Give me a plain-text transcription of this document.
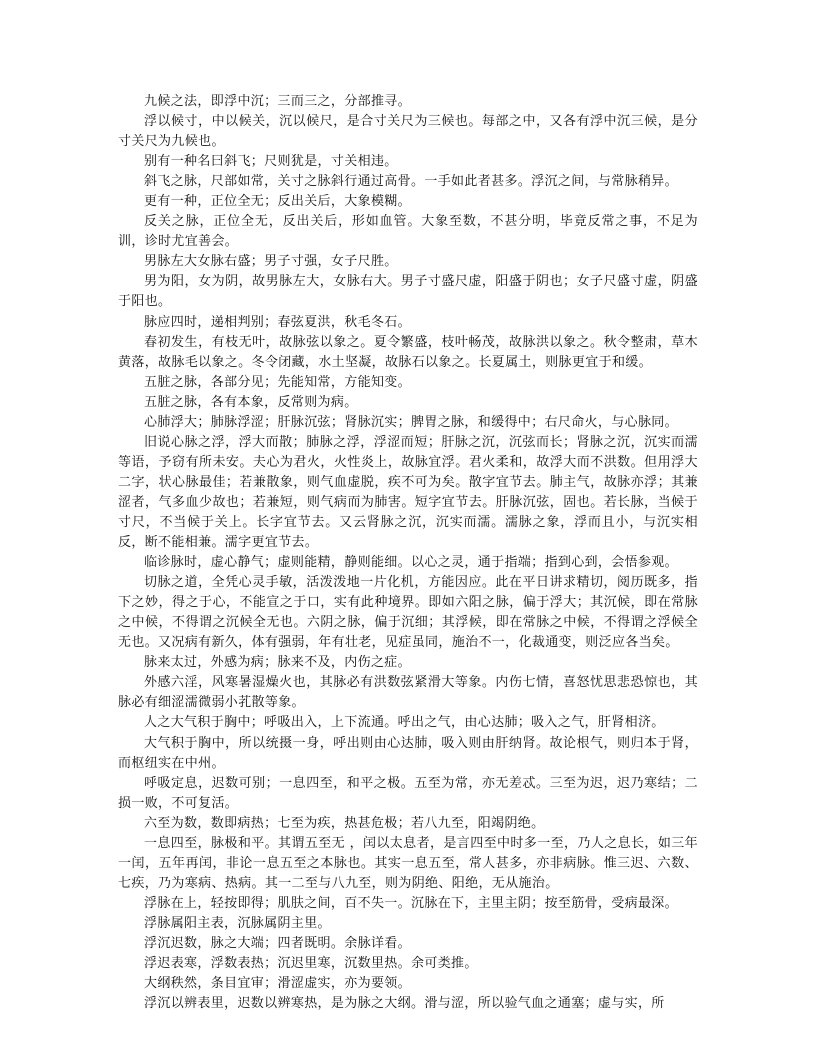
九候之法，即浮中沉；三而三之，分部推寻。

浮以候寸，中以候关，沉以候尺，是合寸关尺为三候也。每部之中，又各有浮中沉三候，是分寸关尺为九候也。

别有一种名曰斜飞；尺则犹是，寸关相违。

斜飞之脉，尺部如常，关寸之脉斜行通过高骨。一手如此者甚多。浮沉之间，与常脉稍异。

更有一种，正位全无；反出关后，大象模糊。

反关之脉，正位全无，反出关后，形如血管。大象至数，不甚分明，毕竟反常之事，不足为训，诊时尤宜善会。

男脉左大女脉右盛；男子寸强，女子尺胜。

男为阳，女为阴，故男脉左大，女脉右大。男子寸盛尺虚，阳盛于阴也；女子尺盛寸虚，阴盛于阳也。

脉应四时，递相判别；春弦夏洪，秋毛冬石。

春初发生，有枝无叶，故脉弦以象之。夏令繁盛，枝叶畅茂，故脉洪以象之。秋令整肃，草木黄落，故脉毛以象之。冬令闭藏，水土坚凝，故脉石以象之。长夏属土，则脉更宜于和缓。

五脏之脉，各部分见；先能知常，方能知变。

五脏之脉，各有本象，反常则为病。

心肺浮大；肺脉浮涩；肝脉沉弦；肾脉沉实；脾胃之脉，和缓得中；右尺命火，与心脉同。

旧说心脉之浮，浮大而散；肺脉之浮，浮涩而短；肝脉之沉，沉弦而长；肾脉之沉，沉实而濡等语，予窃有所未安。夫心为君火，火性炎上，故脉宜浮。君火柔和，故浮大而不洪数。但用浮大二字，状心脉最佳；若兼散象，则气血虚脱，疾不可为矣。散字宜节去。肺主气，故脉亦浮；其兼涩者，气多血少故也；若兼短，则气病而为肺害。短字宜节去。肝脉沉弦，固也。若长脉，当候于寸尺，不当候于关上。长字宜节去。又云肾脉之沉，沉实而濡。濡脉之象，浮而且小，与沉实相反，断不能相兼。濡字更宜节去。

临诊脉时，虚心静气；虚则能精，静则能细。以心之灵，通于指端；指到心到，会悟参观。

切脉之道，全凭心灵手敏，活泼泼地一片化机，方能因应。此在平日讲求精切，阅历既多，指下之妙，得之于心，不能宣之于口，实有此种境界。即如六阳之脉，偏于浮大；其沉候，即在常脉之中候，不得谓之沉候全无也。六阴之脉，偏于沉细；其浮候，即在常脉之中候，不得谓之浮候全无也。又况病有新久，体有强弱，年有壮老，见症虽同，施治不一，化裁通变，则泛应各当矣。

脉来太过，外感为病；脉来不及，内伤之症。

外感六淫，风寒暑湿燥火也，其脉必有洪数弦紧滑大等象。内伤七情，喜怒忧思悲恐惊也，其脉必有细涩濡微弱小芤散等象。

人之大气积于胸中；呼吸出入，上下流通。呼出之气，由心达肺；吸入之气，肝肾相济。

大气积于胸中，所以统摄一身，呼出则由心达肺，吸入则由肝纳肾。故论根气，则归本于肾，而枢纽实在中州。

呼吸定息，迟数可别；一息四至，和平之极。五至为常，亦无差忒。三至为迟，迟乃寒结；二损一败，不可复活。

六至为数，数即病热；七至为疾，热甚危极；若八九至，阳竭阴绝。

一息四至，脉极和平。其谓五至无 ，闰以太息者，是言四至中时多一至，乃人之息长，如三年一闰，五年再闰，非论一息五至之本脉也。其实一息五至，常人甚多，亦非病脉。惟三迟、六数、七疾，乃为寒病、热病。其一二至与八九至，则为阴绝、阳绝，无从施治。

浮脉在上，轻按即得；肌肤之间，百不失一。沉脉在下，主里主阴；按至筋骨，受病最深。

浮脉属阳主表，沉脉属阴主里。

浮沉迟数，脉之大端；四者既明。余脉详看。

浮迟表寒，浮数表热；沉迟里寒，沉数里热。余可类推。

大纲秩然，条目宜审；滑涩虚实，亦为要领。

浮沉以辨表里，迟数以辨寒热，是为脉之大纲。滑与涩，所以验气血之通塞；虚与实，所
